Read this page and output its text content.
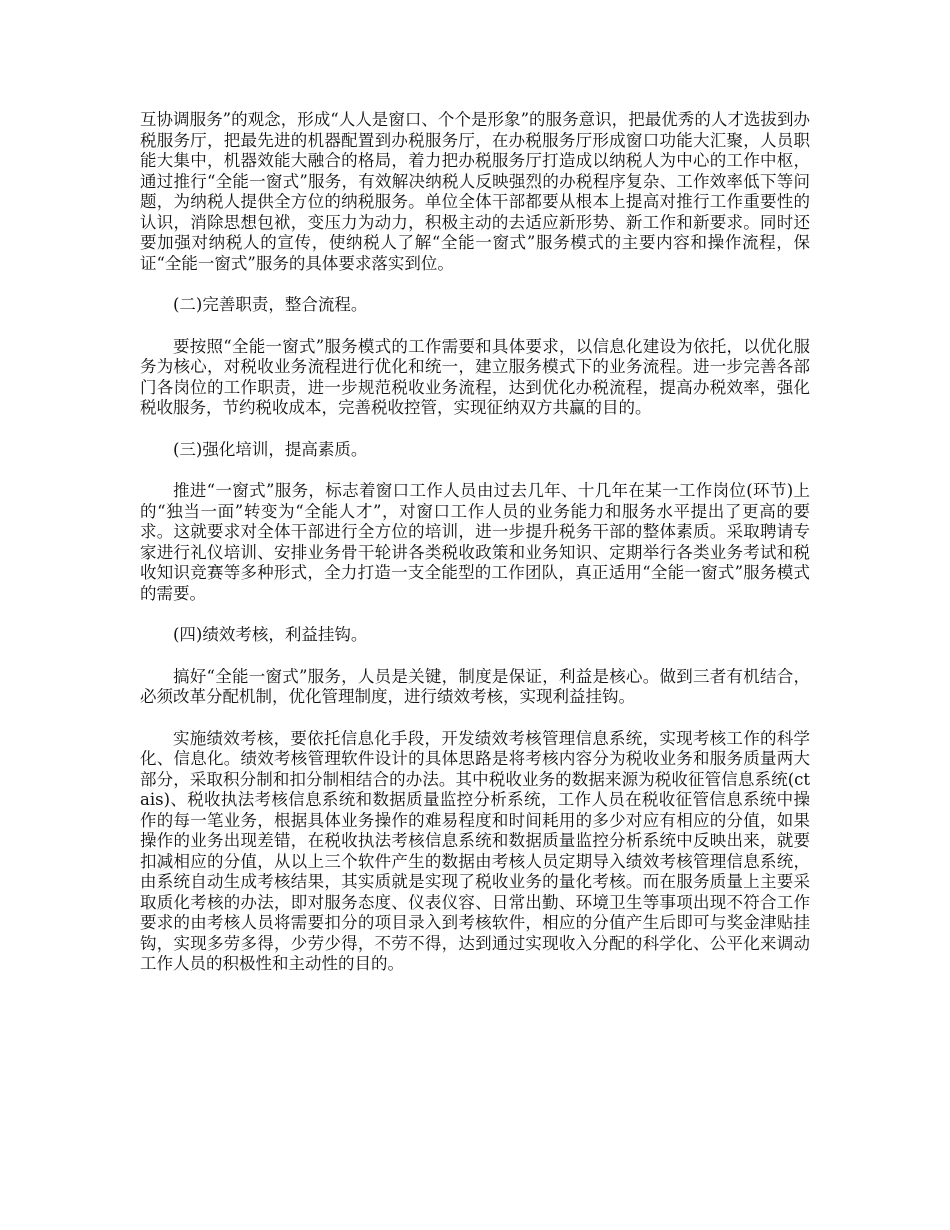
互协调服务”的观念，形成“人人是窗口、个个是形象”的服务意识，把最优秀的人才选拔到办税服务厅，把最先进的机器配置到办税服务厅，在办税服务厅形成窗口功能大汇聚，人员职能大集中，机器效能大融合的格局，着力把办税服务厅打造成以纳税人为中心的工作中枢，通过推行“全能一窗式”服务，有效解决纳税人反映强烈的办税程序复杂、工作效率低下等问题，为纳税人提供全方位的纳税服务。单位全体干部都要从根本上提高对推行工作重要性的认识，消除思想包袱，变压力为动力，积极主动的去适应新形势、新工作和新要求。同时还要加强对纳税人的宣传，使纳税人了解“全能一窗式”服务模式的主要内容和操作流程，保证“全能一窗式”服务的具体要求落实到位。

(二)完善职责，整合流程。

要按照“全能一窗式”服务模式的工作需要和具体要求，以信息化建设为依托，以优化服务为核心，对税收业务流程进行优化和统一，建立服务模式下的业务流程。进一步完善各部门各岗位的工作职责，进一步规范税收业务流程，达到优化办税流程，提高办税效率，强化税收服务，节约税收成本，完善税收控管，实现征纳双方共赢的目的。

(三)强化培训，提高素质。

推进“一窗式”服务，标志着窗口工作人员由过去几年、十几年在某一工作岗位(环节)上的“独当一面”转变为“全能人才”，对窗口工作人员的业务能力和服务水平提出了更高的要求。这就要求对全体干部进行全方位的培训，进一步提升税务干部的整体素质。采取聘请专家进行礼仪培训、安排业务骨干轮讲各类税收政策和业务知识、定期举行各类业务考试和税收知识竞赛等多种形式，全力打造一支全能型的工作团队，真正适用“全能一窗式”服务模式的需要。

(四)绩效考核，利益挂钩。

搞好“全能一窗式”服务，人员是关键，制度是保证，利益是核心。做到三者有机结合，必须改革分配机制，优化管理制度，进行绩效考核，实现利益挂钩。

实施绩效考核，要依托信息化手段，开发绩效考核管理信息系统，实现考核工作的科学化、信息化。绩效考核管理软件设计的具体思路是将考核内容分为税收业务和服务质量两大部分，采取积分制和扣分制相结合的办法。其中税收业务的数据来源为税收征管信息系统(ctais)、税收执法考核信息系统和数据质量监控分析系统，工作人员在税收征管信息系统中操作的每一笔业务，根据具体业务操作的难易程度和时间耗用的多少对应有相应的分值，如果操作的业务出现差错，在税收执法考核信息系统和数据质量监控分析系统中反映出来，就要扣减相应的分值，从以上三个软件产生的数据由考核人员定期导入绩效考核管理信息系统，由系统自动生成考核结果，其实质就是实现了税收业务的量化考核。而在服务质量上主要采取质化考核的办法，即对服务态度、仪表仪容、日常出勤、环境卫生等事项出现不符合工作要求的由考核人员将需要扣分的项目录入到考核软件，相应的分值产生后即可与奖金津贴挂钩，实现多劳多得，少劳少得，不劳不得，达到通过实现收入分配的科学化、公平化来调动工作人员的积极性和主动性的目的。
